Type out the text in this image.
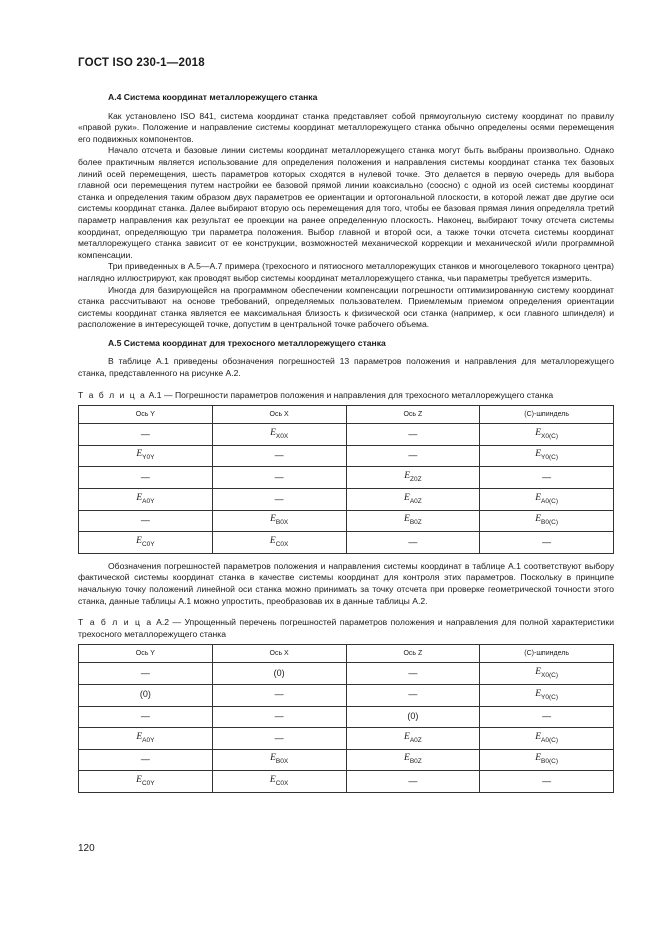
ГОСТ ISO 230-1—2018
А.4 Система координат металлорежущего станка

Как установлено ISO 841, система координат станка представляет собой прямоугольную систему координат по правилу «правой руки». Положение и направление системы координат металлорежущего станка обычно определены осями перемещения его подвижных компонентов.

Начало отсчета и базовые линии системы координат металлорежущего станка могут быть выбраны произвольно. Однако более практичным является использование для определения положения и направления системы координат станка тех базовых линий осей перемещения, шесть параметров которых сходятся в нулевой точке. Это делается в первую очередь для выбора главной оси перемещения путем настройки ее базовой прямой линии коаксиально (соосно) с одной из осей системы координат станка и определения таким образом двух параметров ее ориентации и ортогональной плоскости, в которой лежат две другие оси системы координат станка. Далее выбирают вторую ось перемещения для того, чтобы ее базовая прямая линия определяла третий параметр направления как результат ее проекции на ранее определенную плоскость. Наконец, выбирают точку отсчета системы координат, определяющую три параметра положения. Выбор главной и второй оси, а также точки отсчета системы координат металлорежущего станка зависит от ее конструкции, возможностей механической коррекции и механической и/или программной компенсации.

Три приведенных в А.5—А.7 примера (трехосного и пятиосного металлорежущих станков и многоцелевого токарного центра) наглядно иллюстрируют, как проводят выбор системы координат металлорежущего станка, чьи параметры требуется измерить.

Иногда для базирующейся на программном обеспечении компенсации погрешности оптимизированную систему координат станка рассчитывают на основе требований, определяемых пользователем. Приемлемым приемом определения ориентации системы координат станка является ее максимальная близость к физической оси станка (например, к оси главного шпинделя) и расположение в интересующей точке, допустим в центральной точке рабочего объема.

А.5 Система координат для трехосного металлорежущего станка

В таблице А.1 приведены обозначения погрешностей 13 параметров положения и направления для металлорежущего станка, представленного на рисунке А.2.

Т а б л и ц а А.1 — Погрешности параметров положения и направления для трехосного металлорежущего станка

Ось Y	Ось X	Ось Z	(C)-шпиндель
—	$E_{X0X}$	—	$E_{X0(C)}$
$E_{Y0Y}$	—	—	$E_{Y0(C)}$
—	—	$E_{Z0Z}$	—
$E_{A0Y}$	—	$E_{A0Z}$	$E_{A0(C)}$
—	$E_{B0X}$	$E_{B0Z}$	$E_{B0(C)}$
$E_{C0Y}$	$E_{C0X}$	—	—

Обозначения погрешностей параметров положения и направления системы координат в таблице А.1 соответствуют выбору фактической системы координат станка в качестве системы координат для контроля этих параметров. Поскольку в принципе начальную точку положений линейной оси станка можно принимать за точку отсчета при проверке геометрической точности этого станка, данные таблицы А.1 можно упростить, преобразовав их в данные таблицы А.2.

Т а б л и ц а А.2 — Упрощенный перечень погрешностей параметров положения и направления для полной характеристики трехосного металлорежущего станка

Ось Y	Ось X	Ось Z	(C)-шпиндель
—	(0)	—	$E_{X0(C)}$
(0)	—	—	$E_{Y0(C)}$
—	—	(0)	—
$E_{A0Y}$	—	$E_{A0Z}$	$E_{A0(C)}$
—	$E_{B0X}$	$E_{B0Z}$	$E_{B0(C)}$
$E_{C0Y}$	$E_{C0X}$	—	—
120
